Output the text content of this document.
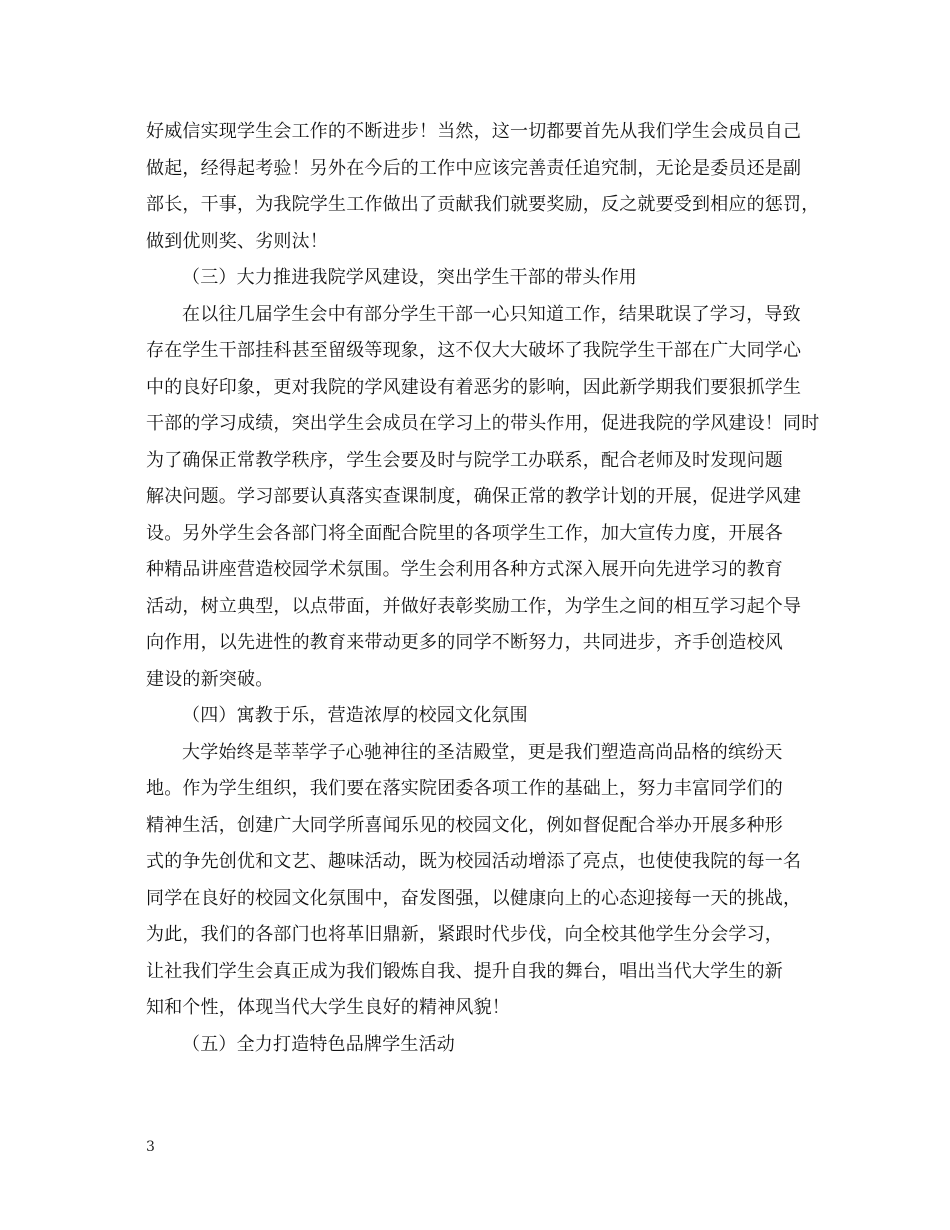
好威信实现学生会工作的不断进步！当然，这一切都要首先从我们学生会成员自己
做起，经得起考验！另外在今后的工作中应该完善责任追究制，无论是委员还是副
部长，干事，为我院学生工作做出了贡献我们就要奖励，反之就要受到相应的惩罚，
做到优则奖、劣则汰！
（三）大力推进我院学风建设，突出学生干部的带头作用
在以往几届学生会中有部分学生干部一心只知道工作，结果耽误了学习，导致
存在学生干部挂科甚至留级等现象，这不仅大大破坏了我院学生干部在广大同学心
中的良好印象，更对我院的学风建设有着恶劣的影响，因此新学期我们要狠抓学生
干部的学习成绩，突出学生会成员在学习上的带头作用，促进我院的学风建设！同时
为了确保正常教学秩序，学生会要及时与院学工办联系，配合老师及时发现问题
解决问题。学习部要认真落实查课制度，确保正常的教学计划的开展，促进学风建
设。另外学生会各部门将全面配合院里的各项学生工作，加大宣传力度，开展各
种精品讲座营造校园学术氛围。学生会利用各种方式深入展开向先进学习的教育
活动，树立典型，以点带面，并做好表彰奖励工作，为学生之间的相互学习起个导
向作用，以先进性的教育来带动更多的同学不断努力，共同进步，齐手创造校风
建设的新突破。
（四）寓教于乐，营造浓厚的校园文化氛围
大学始终是莘莘学子心驰神往的圣洁殿堂，更是我们塑造高尚品格的缤纷天
地。作为学生组织，我们要在落实院团委各项工作的基础上，努力丰富同学们的
精神生活，创建广大同学所喜闻乐见的校园文化，例如督促配合举办开展多种形
式的争先创优和文艺、趣味活动，既为校园活动增添了亮点，也使使我院的每一名
同学在良好的校园文化氛围中，奋发图强，以健康向上的心态迎接每一天的挑战，
为此，我们的各部门也将革旧鼎新，紧跟时代步伐，向全校其他学生分会学习，
让社我们学生会真正成为我们锻炼自我、提升自我的舞台，唱出当代大学生的新
知和个性，体现当代大学生良好的精神风貌！
（五）全力打造特色品牌学生活动
3
